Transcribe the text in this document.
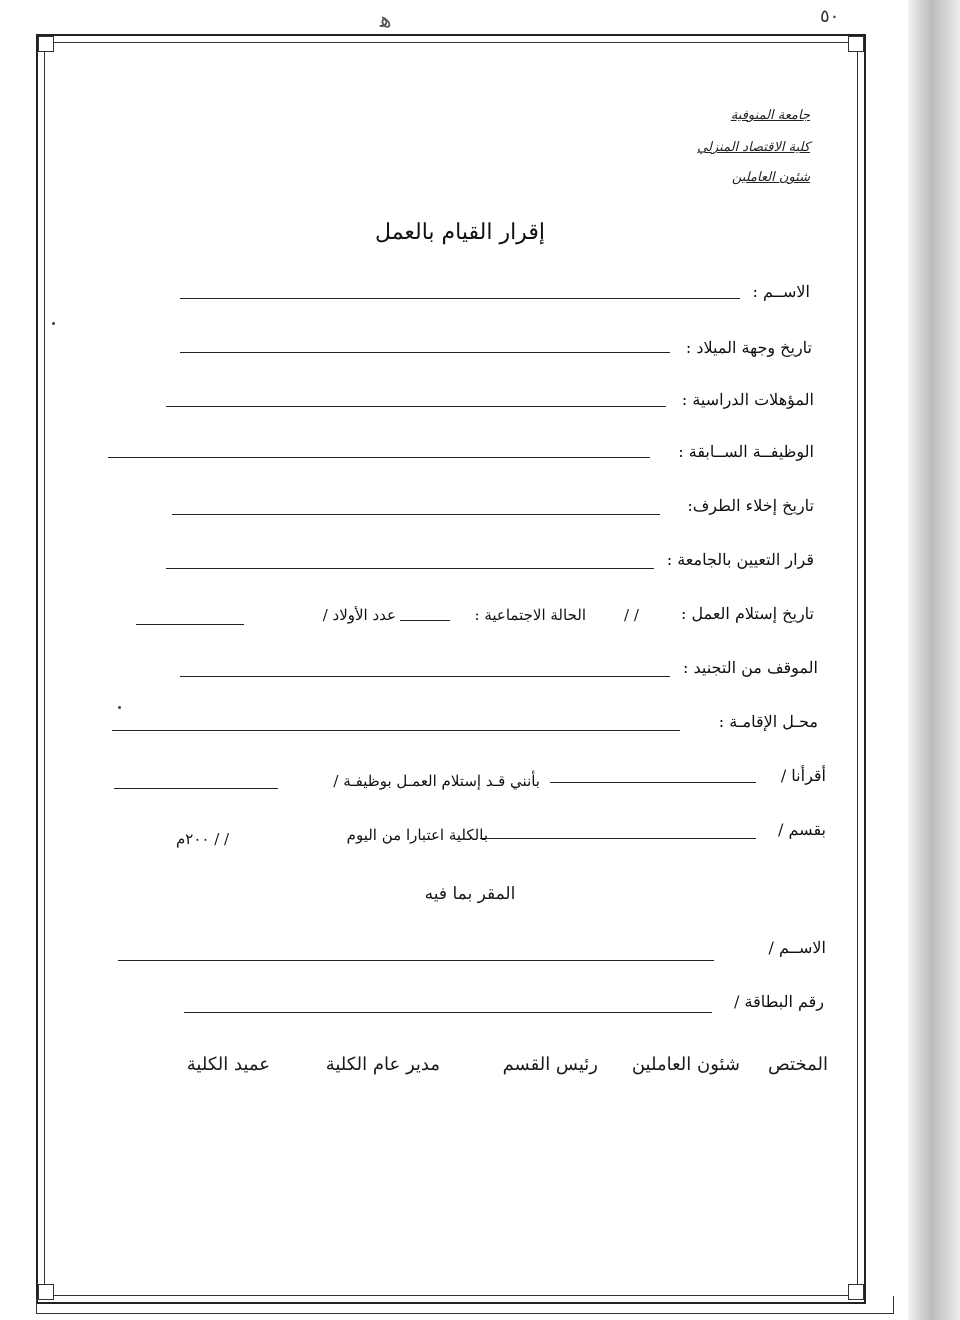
٥٠
ﻫ
جامعة المنوفية
كلية الاقتصاد المنزلي
شئون العاملين
إقرار القيام بالعمل
الاســم :
تاريخ وجهة الميلاد :
المؤهلات الدراسية :
الوظيفــة الســابقة :
تاريخ إخلاء الطرف:
قرار التعيين بالجامعة :
تاريخ إستلام العمل :
/ /
الحالة الاجتماعية :
عدد الأولاد /
الموقف من التجنيد :
محـل الإقامـة :
أقرأنا /
بأنني قـد إستلام العمـل بوظيفـة /
بقسم /
بالكلية اعتبارا من اليوم
/ / ٢٠٠م
المقر بما فيه
الاســم /
رقم البطاقة /
المختص
شئون العاملين
رئيس القسم
مدير عام الكلية
عميد الكلية
